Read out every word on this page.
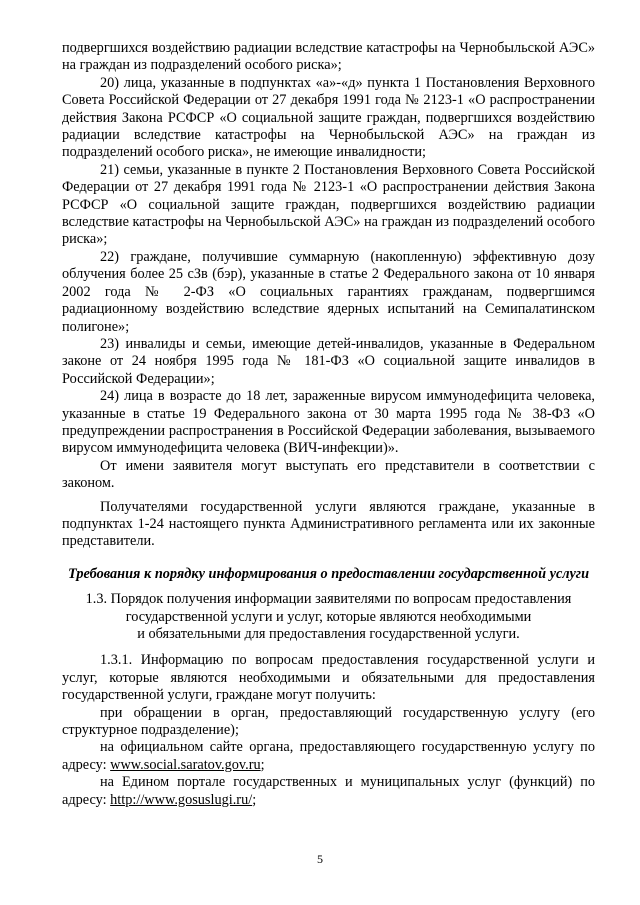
подвергшихся воздействию радиации вследствие катастрофы на Чернобыльской АЭС» на граждан из подразделений особого риска»;

20) лица, указанные в подпунктах «а»-«д» пункта 1 Постановления Верховного Совета Российской Федерации от 27 декабря 1991 года № 2123-1 «О распространении действия Закона РСФСР «О социальной защите граждан, подвергшихся воздействию радиации вследствие катастрофы на Чернобыльской АЭС» на граждан из подразделений особого риска», не имеющие инвалидности;

21) семьи, указанные в пункте 2 Постановления Верховного Совета Российской Федерации от 27 декабря 1991 года № 2123-1 «О распространении действия Закона РСФСР «О социальной защите граждан, подвергшихся воздействию радиации вследствие катастрофы на Чернобыльской АЭС» на граждан из подразделений особого риска»;

22) граждане, получившие суммарную (накопленную) эффективную дозу облучения более 25 сЗв (бэр), указанные в статье 2 Федерального закона от 10 января 2002 года № 2-ФЗ «О социальных гарантиях гражданам, подвергшимся радиационному воздействию вследствие ядерных испытаний на Семипалатинском полигоне»;

23) инвалиды и семьи, имеющие детей-инвалидов, указанные в Федеральном законе от 24 ноября 1995 года № 181-ФЗ «О социальной защите инвалидов в Российской Федерации»;

24) лица в возрасте до 18 лет, зараженные вирусом иммунодефицита человека, указанные в статье 19 Федерального закона от 30 марта 1995 года № 38-ФЗ «О предупреждении распространения в Российской Федерации заболевания, вызываемого вирусом иммунодефицита человека (ВИЧ-инфекции)».

От имени заявителя могут выступать его представители в соответствии с законом.

Получателями государственной услуги являются граждане, указанные в подпунктах 1-24 настоящего пункта Административного регламента или их законные представители.

Требования к порядку информирования о предоставлении государственной услуги

1.3. Порядок получения информации заявителями по вопросам предоставления
государственной услуги и услуг, которые являются необходимыми
и обязательными для предоставления государственной услуги.

1.3.1. Информацию по вопросам предоставления государственной услуги и услуг, которые являются необходимыми и обязательными для предоставления государственной услуги, граждане могут получить:

при обращении в орган, предоставляющий государственную услугу (его структурное подразделение);

на официальном сайте органа, предоставляющего государственную услугу по адресу: www.social.saratov.gov.ru;

на Едином портале государственных и муниципальных услуг (функций) по адресу: http://www.gosuslugi.ru/;

5
